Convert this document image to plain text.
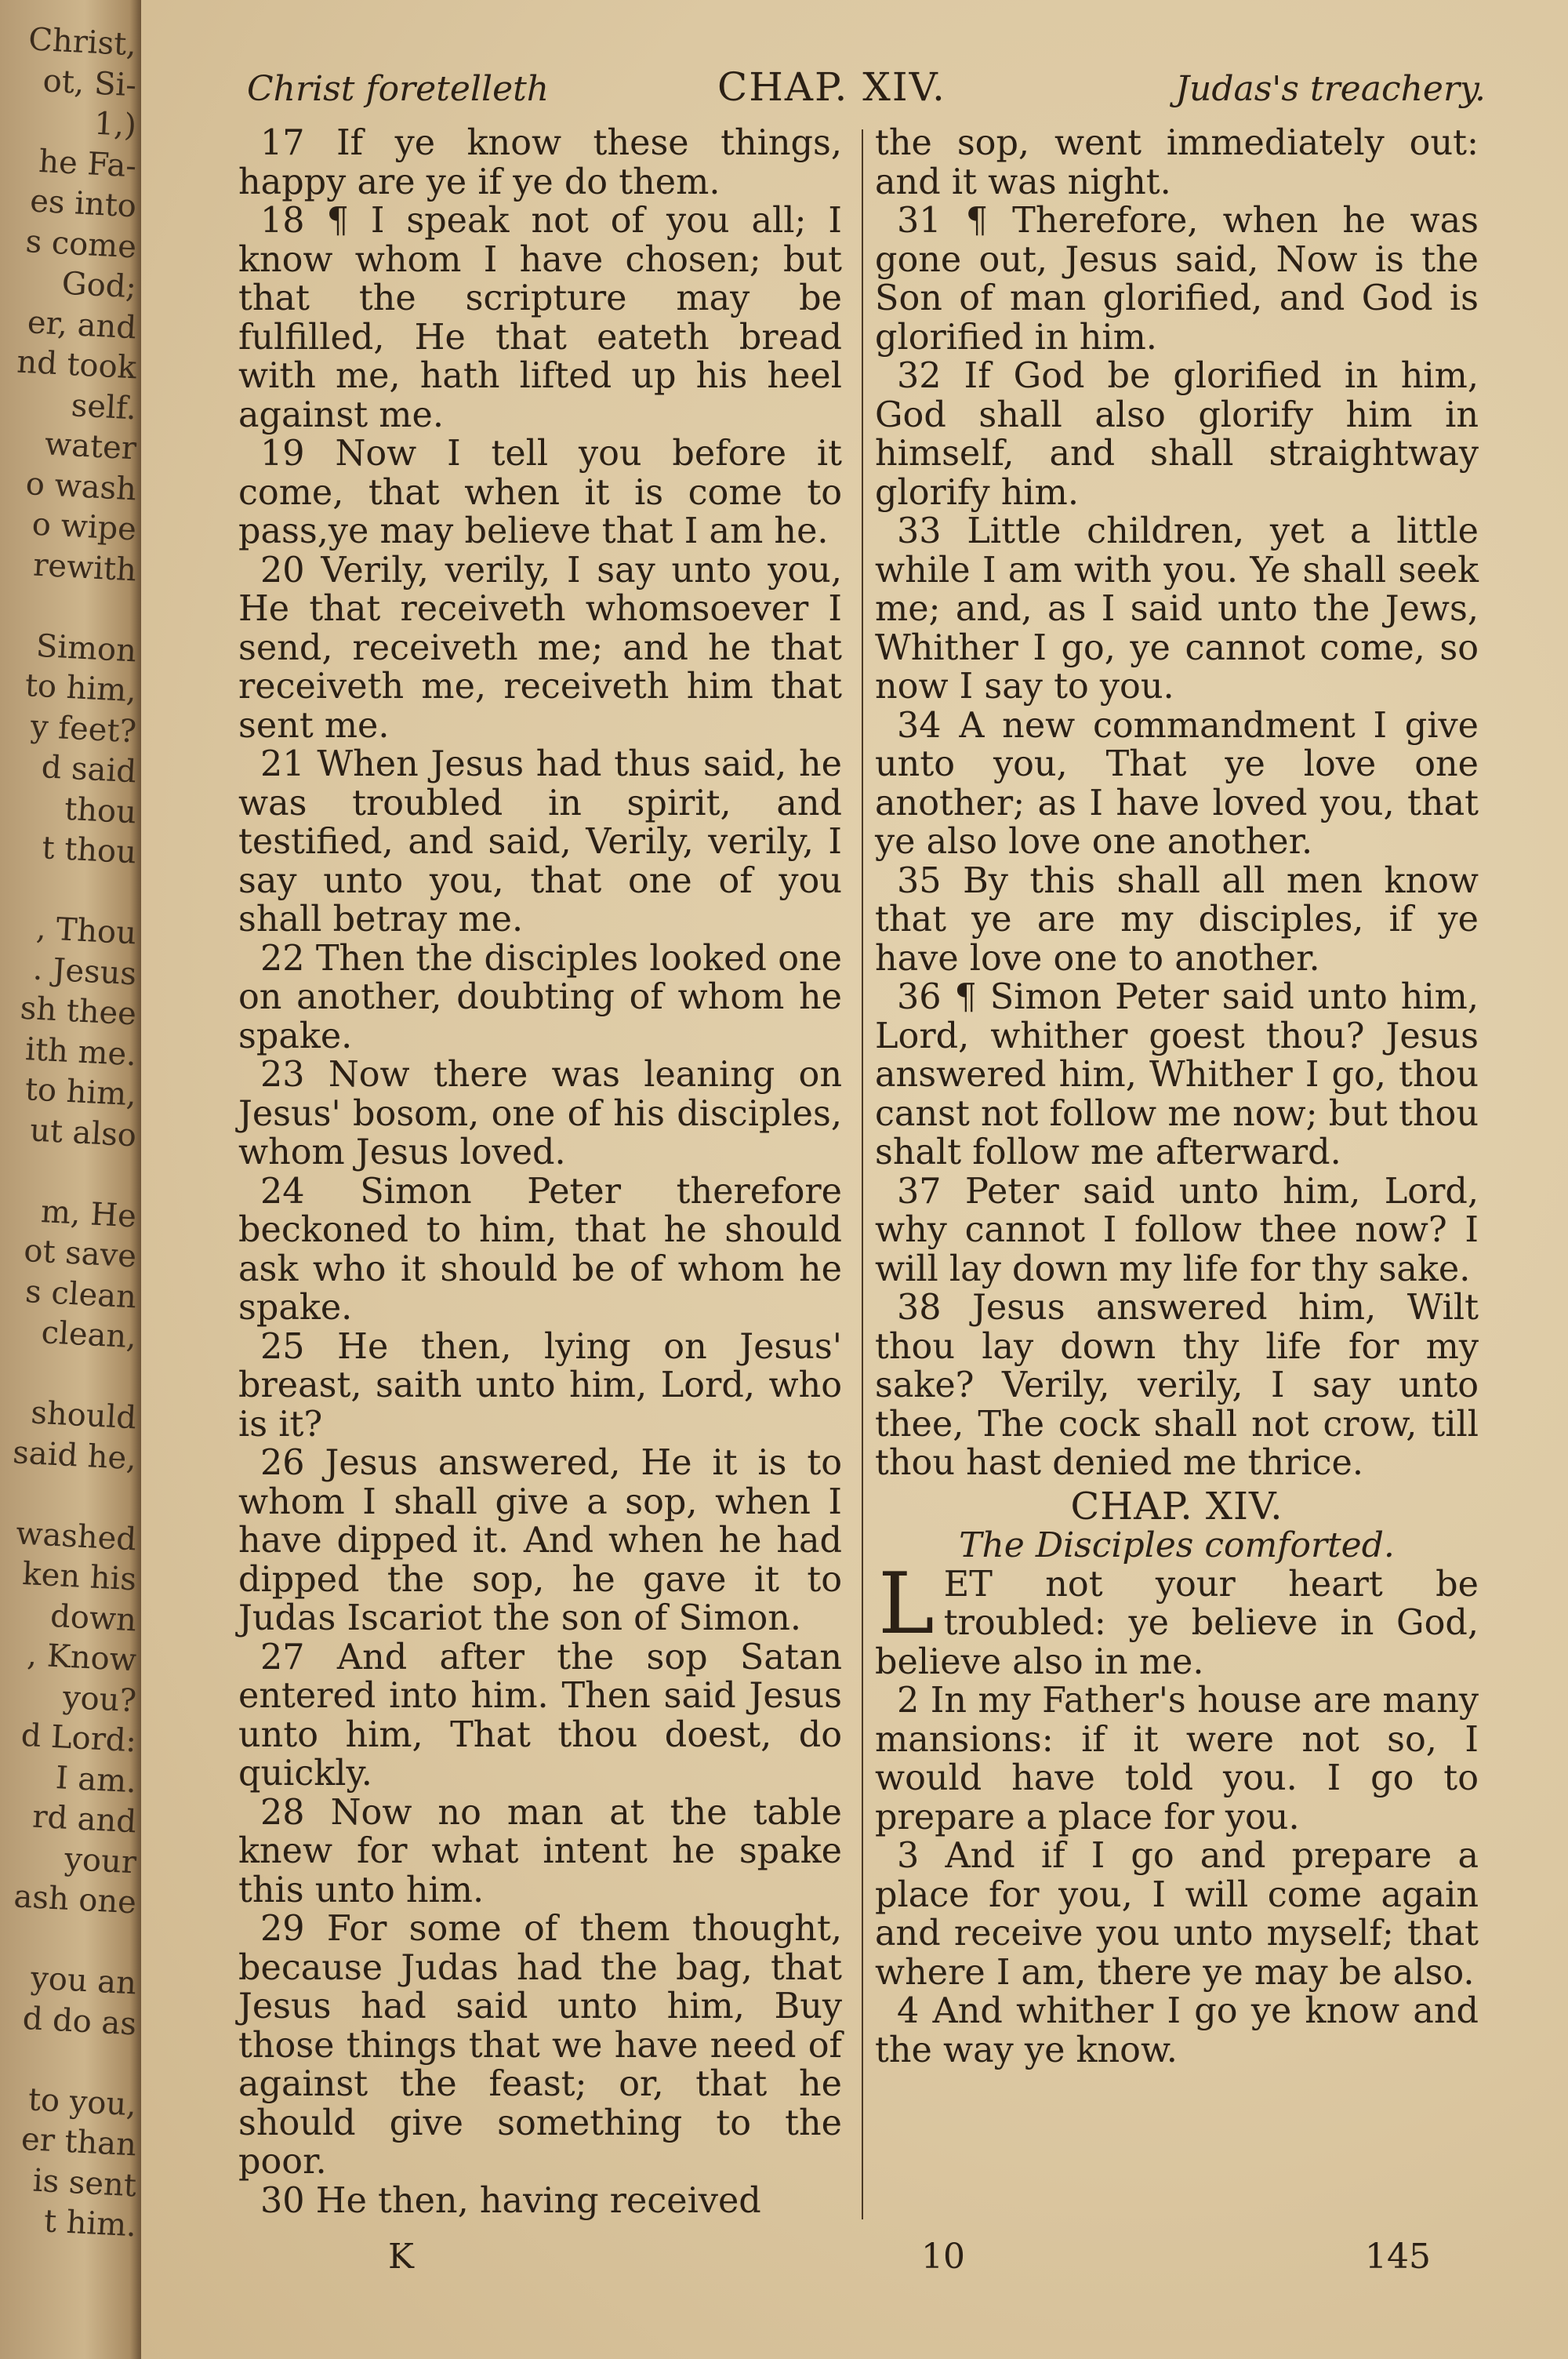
Christ,
ot, Si-
1,)
he Fa-
es into
s come
God;
er, and
nd took
self.
water
o wash
o wipe
rewith
Simon
to him,
y feet?
d said
thou
t thou
, Thou
. Jesus
sh thee
ith me.
to him,
ut also
m, He
ot save
s clean
clean,
should
said he,
washed
ken his
down
, Know
you?
d Lord:
I am.
rd and
your
ash one
you an
d do as
to you,
er than
is sent
t him.
Christ foretelleth	CHAP. XIV.	Judas's treachery.

17 If ye know these things, happy are ye if ye do them.

18 ¶ I speak not of you all; I know whom I have chosen; but that the scripture may be fulfilled, He that eateth bread with me, hath lifted up his heel against me.

19 Now I tell you before it come, that when it is come to pass,ye may believe that I am he.

20 Verily, verily, I say unto you, He that receiveth whomsoever I send, receiveth me; and he that receiveth me, receiveth him that sent me.

21 When Jesus had thus said, he was troubled in spirit, and testified, and said, Verily, verily, I say unto you, that one of you shall betray me.

22 Then the disciples looked one on another, doubting of whom he spake.

23 Now there was leaning on Jesus' bosom, one of his disciples, whom Jesus loved.

24 Simon Peter therefore beckoned to him, that he should ask who it should be of whom he spake.

25 He then, lying on Jesus' breast, saith unto him, Lord, who is it?

26 Jesus answered, He it is to whom I shall give a sop, when I have dipped it. And when he had dipped the sop, he gave it to Judas Iscariot the son of Simon.

27 And after the sop Satan entered into him. Then said Jesus unto him, That thou doest, do quickly.

28 Now no man at the table knew for what intent he spake this unto him.

29 For some of them thought, because Judas had the bag, that Jesus had said unto him, Buy those things that we have need of against the feast; or, that he should give something to the poor.

30 He then, having received

the sop, went immediately out: and it was night.

31 ¶ Therefore, when he was gone out, Jesus said, Now is the Son of man glorified, and God is glorified in him.

32 If God be glorified in him, God shall also glorify him in himself, and shall straightway glorify him.

33 Little children, yet a little while I am with you. Ye shall seek me; and, as I said unto the Jews, Whither I go, ye cannot come, so now I say to you.

34 A new commandment I give unto you, That ye love one another; as I have loved you, that ye also love one another.

35 By this shall all men know that ye are my disciples, if ye have love one to another.

36 ¶ Simon Peter said unto him, Lord, whither goest thou? Jesus answered him, Whither I go, thou canst not follow me now; but thou shalt follow me afterward.

37 Peter said unto him, Lord, why cannot I follow thee now? I will lay down my life for thy sake.

38 Jesus answered him, Wilt thou lay down thy life for my sake? Verily, verily, I say unto thee, The cock shall not crow, till thou hast denied me thrice.

CHAP. XIV.
The Disciples comforted.

LET not your heart be troubled: ye believe in God, believe also in me.

2 In my Father's house are many mansions: if it were not so, I would have told you. I go to prepare a place for you.

3 And if I go and prepare a place for you, I will come again and receive you unto myself; that where I am, there ye may be also.

4 And whither I go ye know and the way ye know.

K	10	145
